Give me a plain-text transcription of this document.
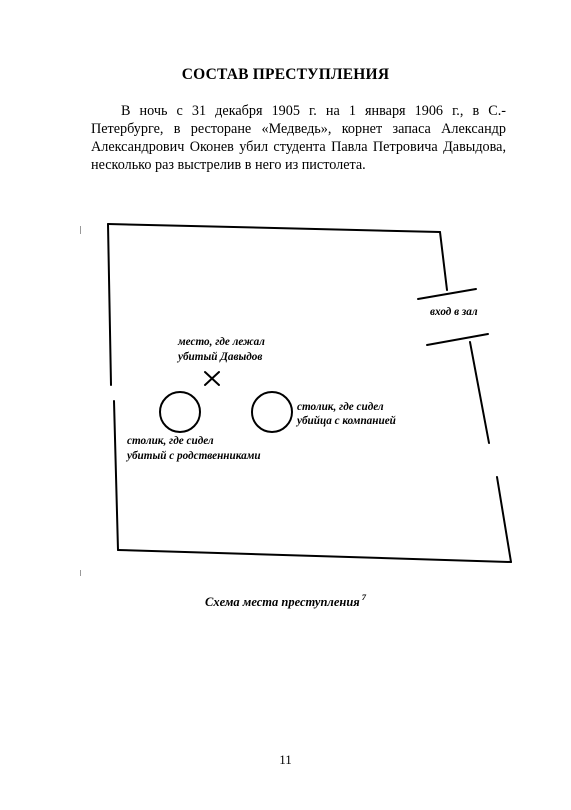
СОСТАВ ПРЕСТУПЛЕНИЯ
В ночь с 31 декабря 1905 г. на 1 января 1906 г., в С.-Петербурге, в ресторане «Медведь», корнет запаса Александр Александрович Оконев убил студента Павла Петровича Давыдова, несколько раз выстрелив в него из пистолета.
вход в зал
место, где лежал
убитый Давыдов
столик, где сидел
убийца с компанией
столик, где сидел
убитый с родственниками
Схема места преступления $^7$
11
